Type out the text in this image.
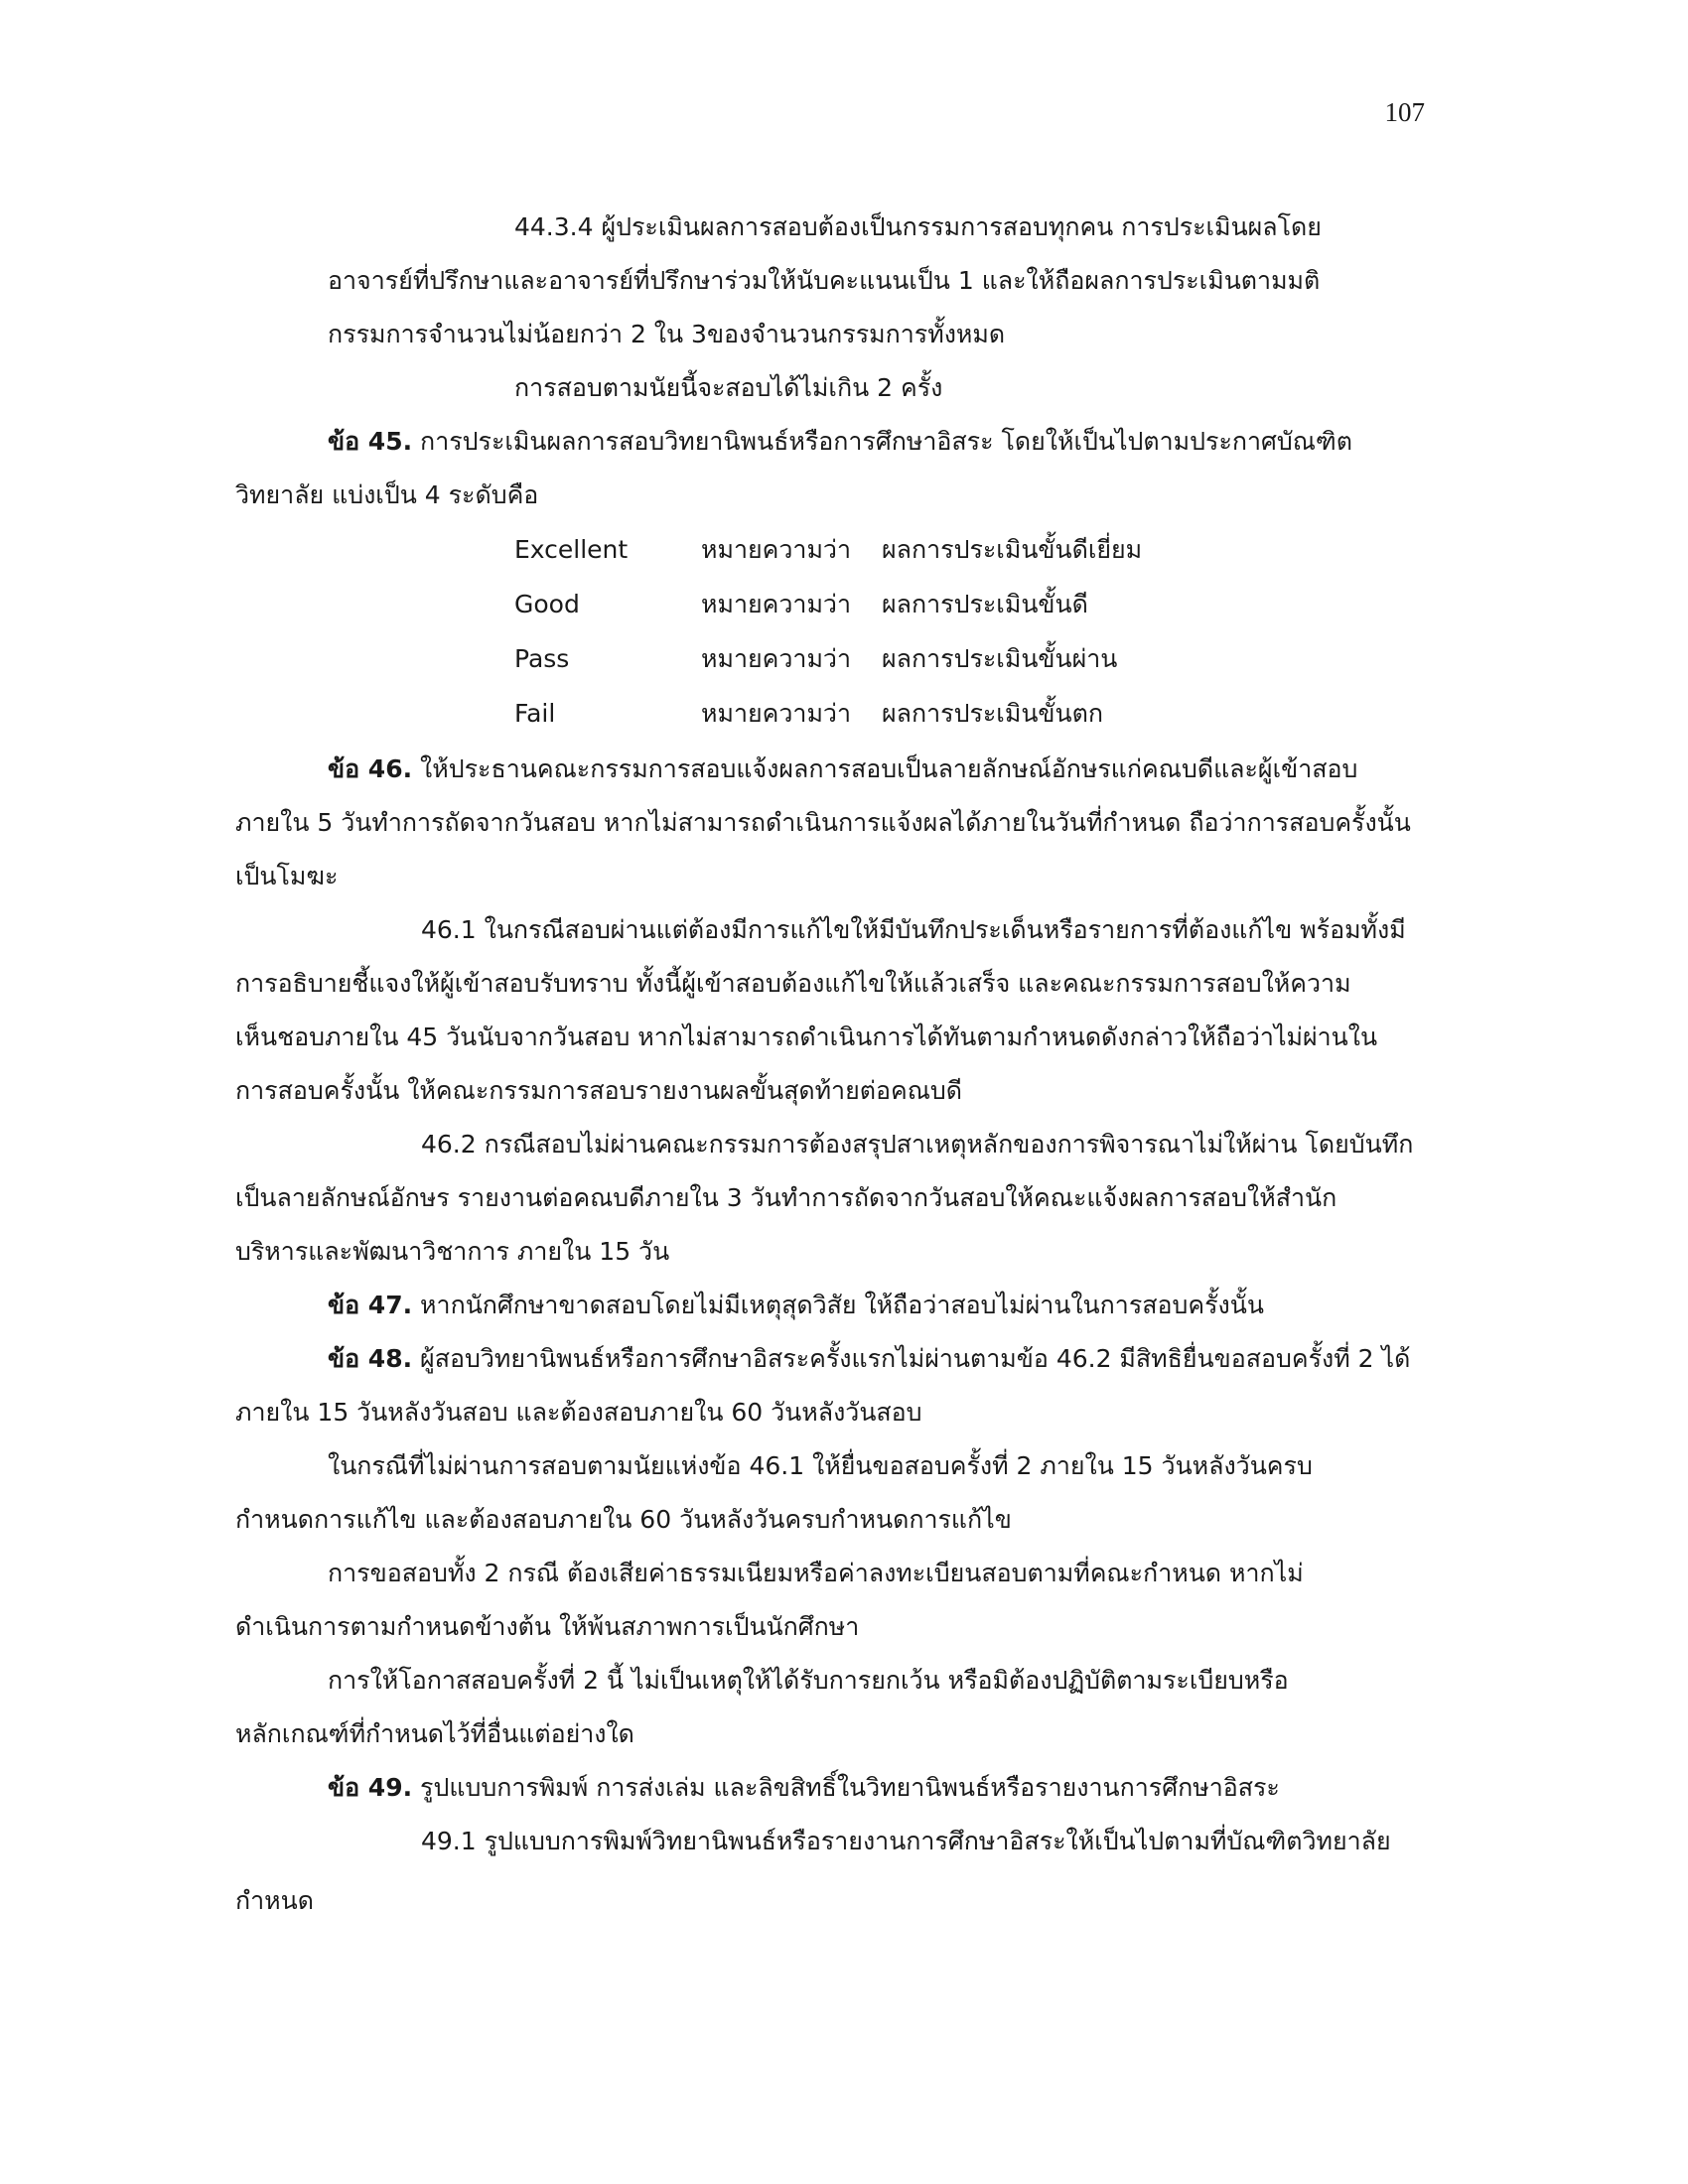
107
44.3.4 ผู้ประเมินผลการสอบต้องเป็นกรรมการสอบทุกคน การประเมินผลโดย
อาจารย์ที่ปรึกษาและอาจารย์ที่ปรึกษาร่วมให้นับคะแนนเป็น 1 และให้ถือผลการประเมินตามมติ
กรรมการจำนวนไม่น้อยกว่า 2 ใน 3ของจำนวนกรรมการทั้งหมด
การสอบตามนัยนี้จะสอบได้ไม่เกิน 2 ครั้ง
ข้อ 45. การประเมินผลการสอบวิทยานิพนธ์หรือการศึกษาอิสระ โดยให้เป็นไปตามประกาศบัณฑิต
วิทยาลัย แบ่งเป็น 4 ระดับคือ
Excellent	หมายความว่า ผลการประเมินขั้นดีเยี่ยม
Good	หมายความว่า ผลการประเมินขั้นดี
Pass	หมายความว่า ผลการประเมินขั้นผ่าน
Fail	หมายความว่า ผลการประเมินขั้นตก
ข้อ 46. ให้ประธานคณะกรรมการสอบแจ้งผลการสอบเป็นลายลักษณ์อักษรแก่คณบดีและผู้เข้าสอบ
ภายใน 5 วันทำการถัดจากวันสอบ หากไม่สามารถดำเนินการแจ้งผลได้ภายในวันที่กำหนด ถือว่าการสอบครั้งนั้น
เป็นโมฆะ
46.1 ในกรณีสอบผ่านแต่ต้องมีการแก้ไขให้มีบันทึกประเด็นหรือรายการที่ต้องแก้ไข พร้อมทั้งมี
การอธิบายชี้แจงให้ผู้เข้าสอบรับทราบ ทั้งนี้ผู้เข้าสอบต้องแก้ไขให้แล้วเสร็จ และคณะกรรมการสอบให้ความ
เห็นชอบภายใน 45 วันนับจากวันสอบ หากไม่สามารถดำเนินการได้ทันตามกำหนดดังกล่าวให้ถือว่าไม่ผ่านใน
การสอบครั้งนั้น ให้คณะกรรมการสอบรายงานผลขั้นสุดท้ายต่อคณบดี
46.2 กรณีสอบไม่ผ่านคณะกรรมการต้องสรุปสาเหตุหลักของการพิจารณาไม่ให้ผ่าน โดยบันทึก
เป็นลายลักษณ์อักษร รายงานต่อคณบดีภายใน 3 วันทำการถัดจากวันสอบให้คณะแจ้งผลการสอบให้สำนัก
บริหารและพัฒนาวิชาการ ภายใน 15 วัน
ข้อ 47. หากนักศึกษาขาดสอบโดยไม่มีเหตุสุดวิสัย ให้ถือว่าสอบไม่ผ่านในการสอบครั้งนั้น
ข้อ 48. ผู้สอบวิทยานิพนธ์หรือการศึกษาอิสระครั้งแรกไม่ผ่านตามข้อ 46.2 มีสิทธิยื่นขอสอบครั้งที่ 2 ได้
ภายใน 15 วันหลังวันสอบ และต้องสอบภายใน 60 วันหลังวันสอบ
ในกรณีที่ไม่ผ่านการสอบตามนัยแห่งข้อ 46.1 ให้ยื่นขอสอบครั้งที่ 2 ภายใน 15 วันหลังวันครบ
กำหนดการแก้ไข และต้องสอบภายใน 60 วันหลังวันครบกำหนดการแก้ไข
การขอสอบทั้ง 2 กรณี ต้องเสียค่าธรรมเนียมหรือค่าลงทะเบียนสอบตามที่คณะกำหนด หากไม่
ดำเนินการตามกำหนดข้างต้น ให้พ้นสภาพการเป็นนักศึกษา
การให้โอกาสสอบครั้งที่ 2 นี้ ไม่เป็นเหตุให้ได้รับการยกเว้น หรือมิต้องปฏิบัติตามระเบียบหรือ
หลักเกณฑ์ที่กำหนดไว้ที่อื่นแต่อย่างใด
ข้อ 49. รูปแบบการพิมพ์ การส่งเล่ม และลิขสิทธิ์ในวิทยานิพนธ์หรือรายงานการศึกษาอิสระ
49.1 รูปแบบการพิมพ์วิทยานิพนธ์หรือรายงานการศึกษาอิสระให้เป็นไปตามที่บัณฑิตวิทยาลัย
กำหนด
